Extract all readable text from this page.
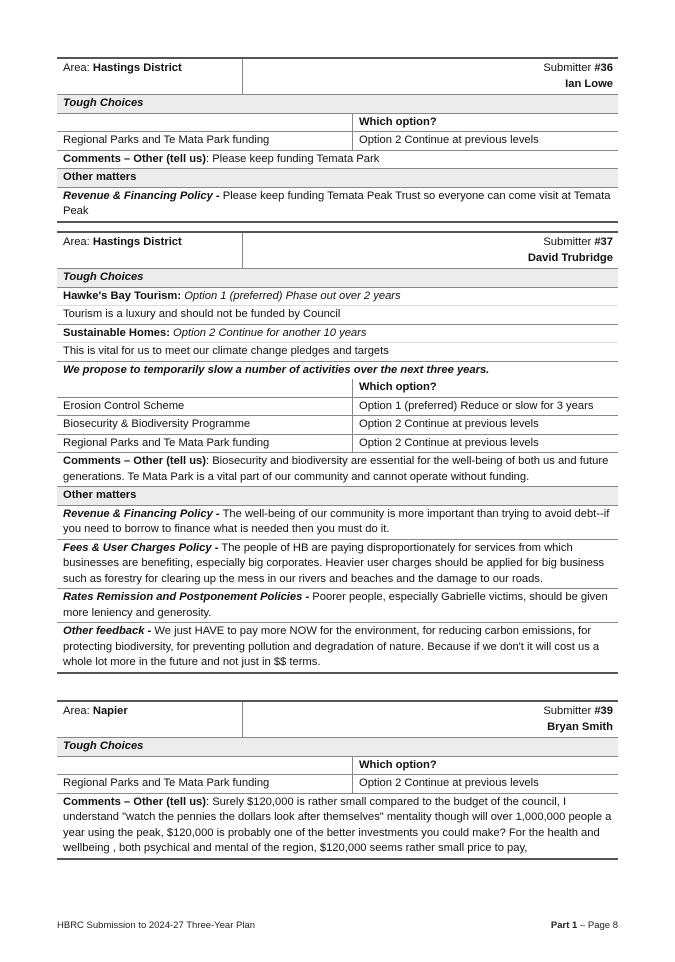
Area: Hastings District	Submitter #36
Ian Lowe
Tough Choices
Which option?
Regional Parks and Te Mata Park funding	Option 2 Continue at previous levels
Comments – Other (tell us): Please keep funding Temata Park
Other matters
Revenue & Financing Policy - Please keep funding Temata Peak Trust so everyone can come visit at Temata Peak
Area: Hastings District	Submitter #37
David Trubridge
Tough Choices
Hawke's Bay Tourism: Option 1 (preferred) Phase out over 2 years
Tourism is a luxury and should not be funded by Council
Sustainable Homes: Option 2 Continue for another 10 years
This is vital for us to meet our climate change pledges and targets
We propose to temporarily slow a number of activities over the next three years.
Which option?
Erosion Control Scheme	Option 1 (preferred) Reduce or slow for 3 years
Biosecurity & Biodiversity Programme	Option 2 Continue at previous levels
Regional Parks and Te Mata Park funding	Option 2 Continue at previous levels
Comments – Other (tell us): Biosecurity and biodiversity are essential for the well-being of both us and future generations. Te Mata Park is a vital part of our community and cannot operate without funding.
Other matters
Revenue & Financing Policy - The well-being of our community is more important than trying to avoid debt--if you need to borrow to finance what is needed then you must do it.
Fees & User Charges Policy - The people of HB are paying disproportionately for services from which businesses are benefiting, especially big corporates. Heavier user charges should be applied for big business such as forestry for clearing up the mess in our rivers and beaches and the damage to our roads.
Rates Remission and Postponement Policies - Poorer people, especially Gabrielle victims, should be given more leniency and generosity.
Other feedback - We just HAVE to pay more NOW for the environment, for reducing carbon emissions, for protecting biodiversity, for preventing pollution and degradation of nature. Because if we don't it will cost us a whole lot more in the future and not just in $$ terms.
Area: Napier	Submitter #39
Bryan Smith
Tough Choices
Which option?
Regional Parks and Te Mata Park funding	Option 2 Continue at previous levels
Comments – Other (tell us): Surely $120,000 is rather small compared to the budget of the council, I understand "watch the pennies the dollars look after themselves" mentality though will over 1,000,000 people a year using the peak, $120,000 is probably one of the better investments you could make? For the health and wellbeing , both psychical and mental of the region, $120,000 seems rather small price to pay,
HBRC Submission to 2024-27 Three-Year Plan	Part 1 – Page 8
